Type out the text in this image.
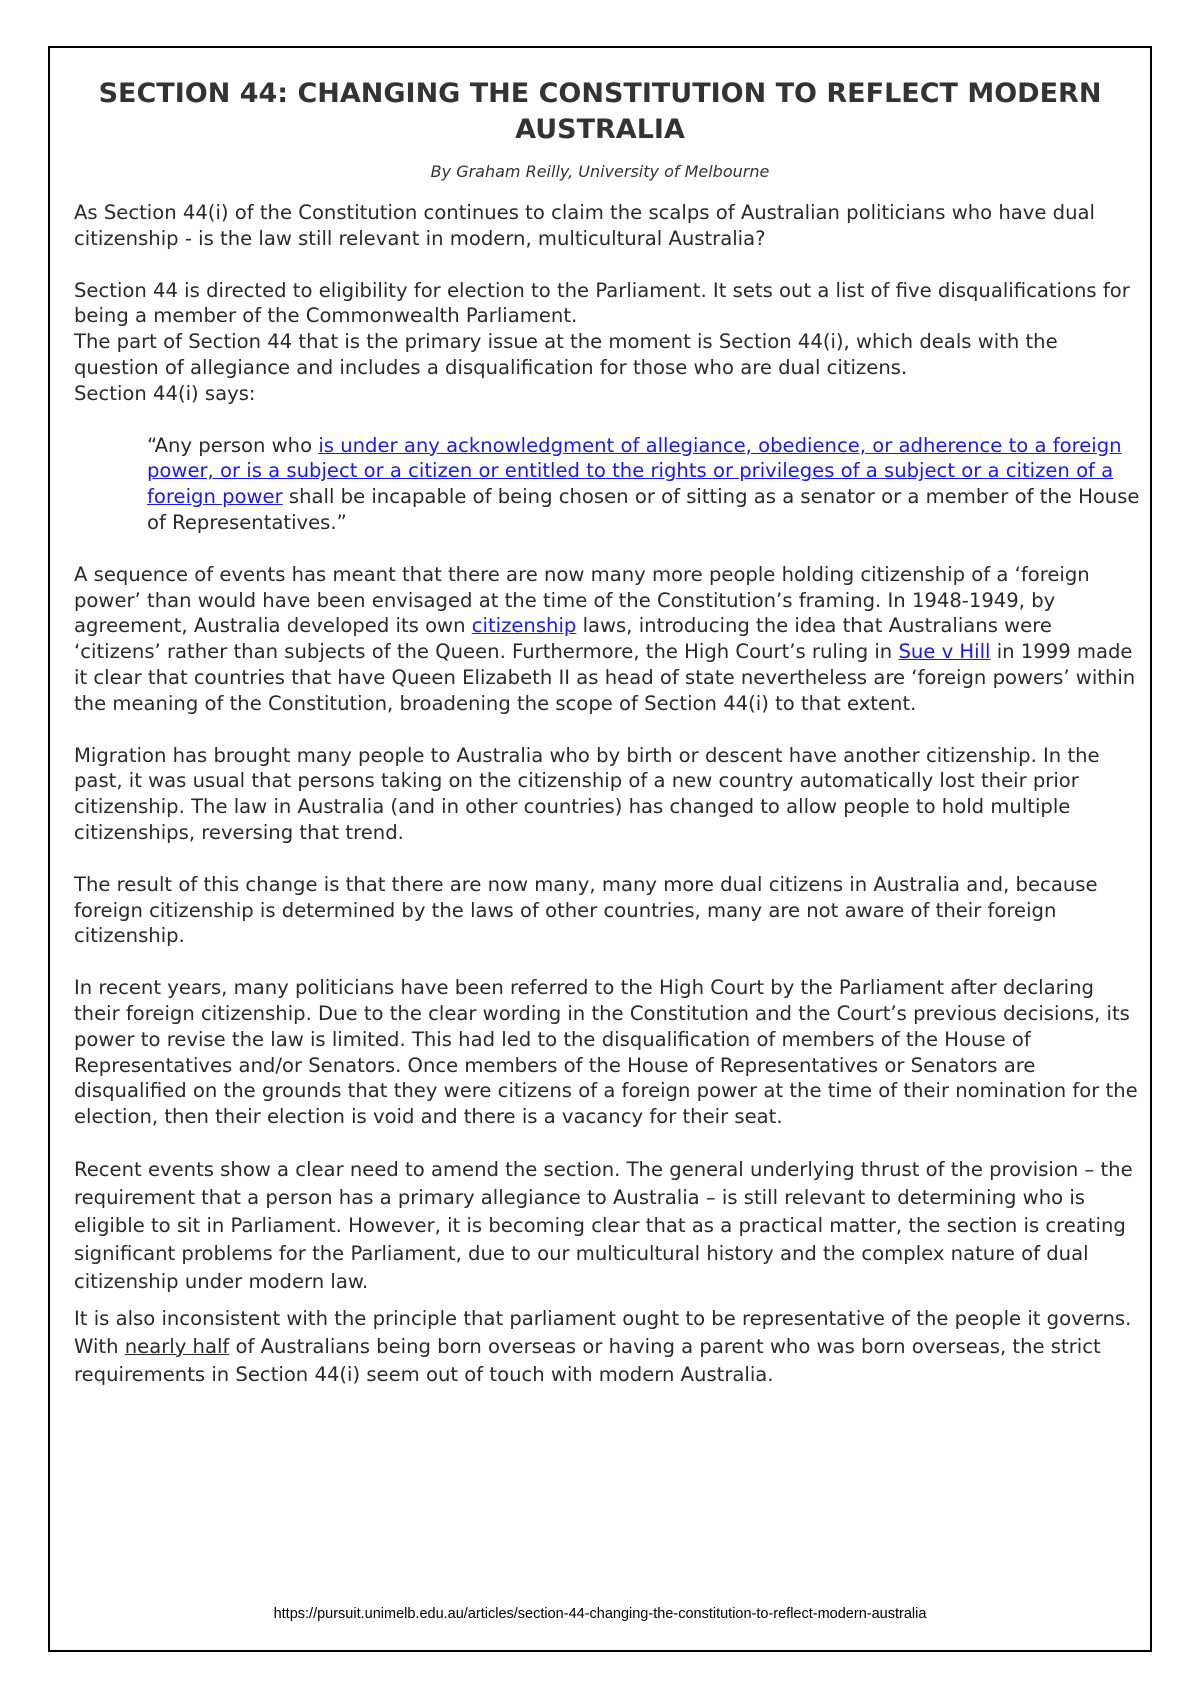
SECTION 44: CHANGING THE CONSTITUTION TO REFLECT MODERN AUSTRALIA
By Graham Reilly, University of Melbourne

As Section 44(i) of the Constitution continues to claim the scalps of Australian politicians who have dual citizenship - is the law still relevant in modern, multicultural Australia?

Section 44 is directed to eligibility for election to the Parliament. It sets out a list of five disqualifications for being a member of the Commonwealth Parliament.
The part of Section 44 that is the primary issue at the moment is Section 44(i), which deals with the question of allegiance and includes a disqualification for those who are dual citizens.
Section 44(i) says:

“Any person who is under any acknowledgment of allegiance, obedience, or adherence to a foreign power, or is a subject or a citizen or entitled to the rights or privileges of a subject or a citizen of a foreign power shall be incapable of being chosen or of sitting as a senator or a member of the House of Representatives.”

A sequence of events has meant that there are now many more people holding citizenship of a ‘foreign power’ than would have been envisaged at the time of the Constitution’s framing. In 1948-1949, by agreement, Australia developed its own citizenship laws, introducing the idea that Australians were ‘citizens’ rather than subjects of the Queen. Furthermore, the High Court’s ruling in Sue v Hill in 1999 made it clear that countries that have Queen Elizabeth II as head of state nevertheless are ‘foreign powers’ within the meaning of the Constitution, broadening the scope of Section 44(i) to that extent.

Migration has brought many people to Australia who by birth or descent have another citizenship. In the past, it was usual that persons taking on the citizenship of a new country automatically lost their prior citizenship. The law in Australia (and in other countries) has changed to allow people to hold multiple citizenships, reversing that trend.

The result of this change is that there are now many, many more dual citizens in Australia and, because foreign citizenship is determined by the laws of other countries, many are not aware of their foreign citizenship.

In recent years, many politicians have been referred to the High Court by the Parliament after declaring their foreign citizenship. Due to the clear wording in the Constitution and the Court’s previous decisions, its power to revise the law is limited. This had led to the disqualification of members of the House of Representatives and/or Senators. Once members of the House of Representatives or Senators are disqualified on the grounds that they were citizens of a foreign power at the time of their nomination for the election, then their election is void and there is a vacancy for their seat.

Recent events show a clear need to amend the section. The general underlying thrust of the provision – the requirement that a person has a primary allegiance to Australia – is still relevant to determining who is eligible to sit in Parliament. However, it is becoming clear that as a practical matter, the section is creating significant problems for the Parliament, due to our multicultural history and the complex nature of dual citizenship under modern law.

It is also inconsistent with the principle that parliament ought to be representative of the people it governs. With nearly half of Australians being born overseas or having a parent who was born overseas, the strict requirements in Section 44(i) seem out of touch with modern Australia.

https://pursuit.unimelb.edu.au/articles/section-44-changing-the-constitution-to-reflect-modern-australia
